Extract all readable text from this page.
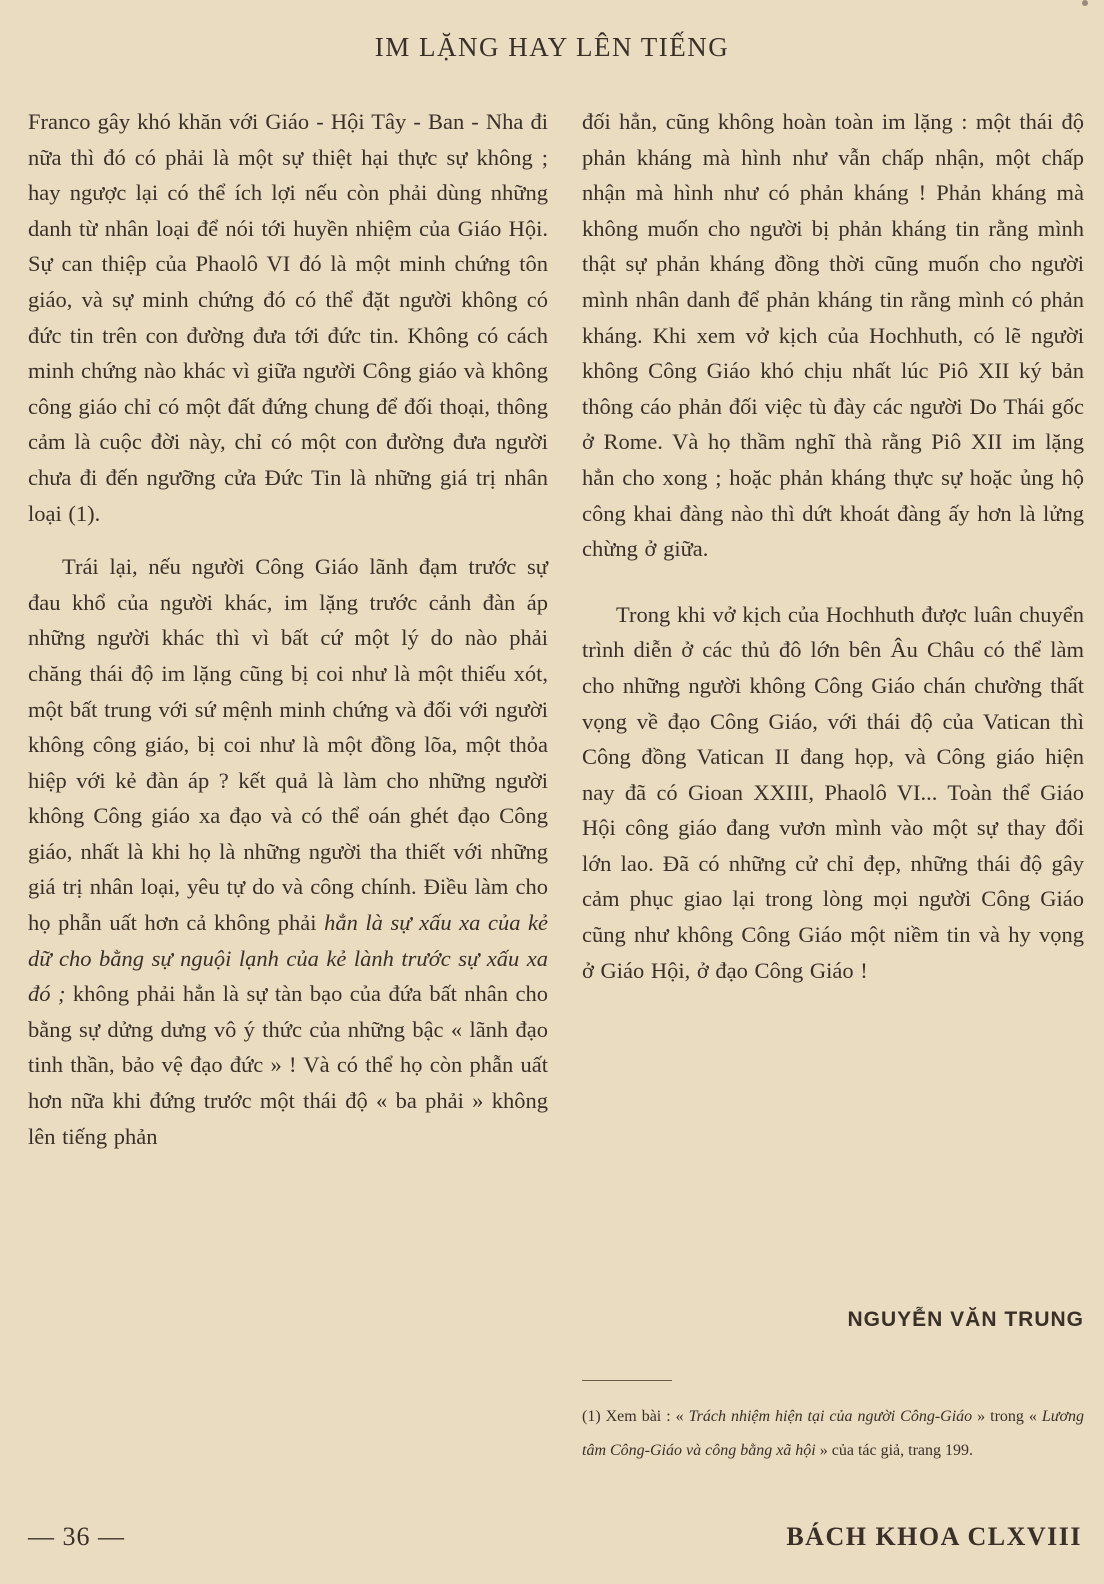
IM LẶNG HAY LÊN TIẾNG

Franco gây khó khăn với Giáo - Hội Tây - Ban - Nha đi nữa thì đó có phải là một sự thiệt hại thực sự không ; hay ngược lại có thể ích lợi nếu còn phải dùng những danh từ nhân loại để nói tới huyền nhiệm của Giáo Hội. Sự can thiệp của Phaolô VI đó là một minh chứng tôn giáo, và sự minh chứng đó có thể đặt người không có đức tin trên con đường đưa tới đức tin. Không có cách minh chứng nào khác vì giữa người Công giáo và không công giáo chỉ có một đất đứng chung để đối thoại, thông cảm là cuộc đời này, chỉ có một con đường đưa người chưa đi đến ngưỡng cửa Đức Tin là những giá trị nhân loại (1).

Trái lại, nếu người Công Giáo lãnh đạm trước sự đau khổ của người khác, im lặng trước cảnh đàn áp những người khác thì vì bất cứ một lý do nào phải chăng thái độ im lặng cũng bị coi như là một thiếu xót, một bất trung với sứ mệnh minh chứng và đối với người không công giáo, bị coi như là một đồng lõa, một thỏa hiệp với kẻ đàn áp ? kết quả là làm cho những người không Công giáo xa đạo và có thể oán ghét đạo Công giáo, nhất là khi họ là những người tha thiết với những giá trị nhân loại, yêu tự do và công chính. Điều làm cho họ phẫn uất hơn cả không phải hẳn là sự xấu xa của kẻ dữ cho bằng sự nguội lạnh của kẻ lành trước sự xấu xa đó ; không phải hẳn là sự tàn bạo của đứa bất nhân cho bằng sự dửng dưng vô ý thức của những bậc « lãnh đạo tinh thần, bảo vệ đạo đức » ! Và có thể họ còn phẫn uất hơn nữa khi đứng trước một thái độ « ba phải » không lên tiếng phản

đối hẳn, cũng không hoàn toàn im lặng : một thái độ phản kháng mà hình như vẫn chấp nhận, một chấp nhận mà hình như có phản kháng ! Phản kháng mà không muốn cho người bị phản kháng tin rằng mình thật sự phản kháng đồng thời cũng muốn cho người mình nhân danh để phản kháng tin rằng mình có phản kháng. Khi xem vở kịch của Hochhuth, có lẽ người không Công Giáo khó chịu nhất lúc Piô XII ký bản thông cáo phản đối việc tù đày các người Do Thái gốc ở Rome. Và họ thầm nghĩ thà rằng Piô XII im lặng hẳn cho xong ; hoặc phản kháng thực sự hoặc ủng hộ công khai đàng nào thì dứt khoát đàng ấy hơn là lửng chừng ở giữa.

Trong khi vở kịch của Hochhuth được luân chuyển trình diễn ở các thủ đô lớn bên Âu Châu có thể làm cho những người không Công Giáo chán chường thất vọng về đạo Công Giáo, với thái độ của Vatican thì Công đồng Vatican II đang họp, và Công giáo hiện nay đã có Gioan XXIII, Phaolô VI... Toàn thể Giáo Hội công giáo đang vươn mình vào một sự thay đổi lớn lao. Đã có những cử chỉ đẹp, những thái độ gây cảm phục giao lại trong lòng mọi người Công Giáo cũng như không Công Giáo một niềm tin và hy vọng ở Giáo Hội, ở đạo Công Giáo !

NGUYỄN VĂN TRUNG

(1) Xem bài : « Trách nhiệm hiện tại của người Công-Giáo » trong « Lương tâm Công-Giáo và công bằng xã hội » của tác giả, trang 199.

— 36 —	BÁCH KHOA CLXVIII
